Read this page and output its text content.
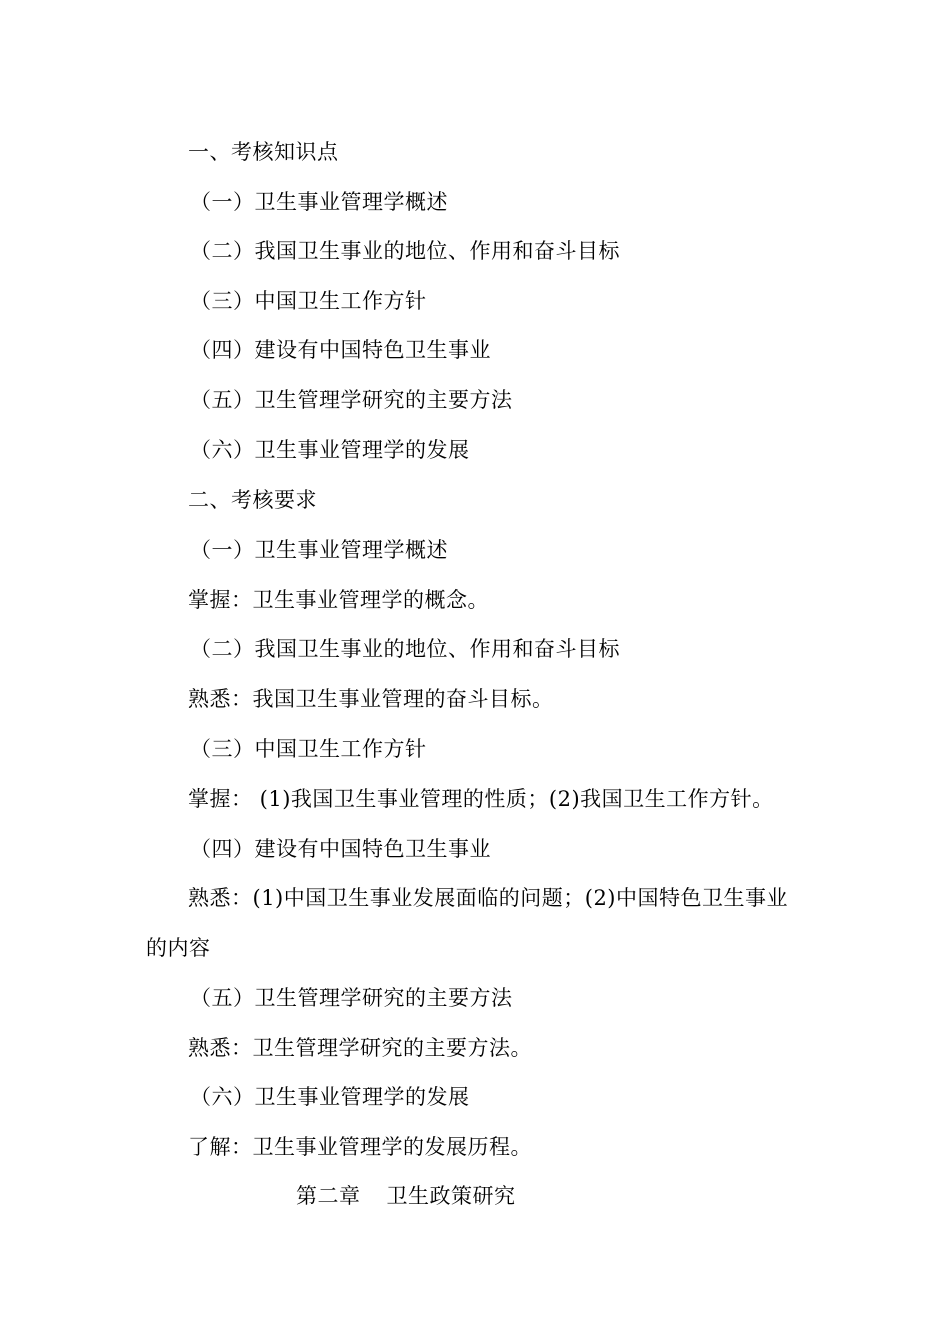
一、考核知识点
（一）卫生事业管理学概述
（二）我国卫生事业的地位、作用和奋斗目标
（三）中国卫生工作方针
（四）建设有中国特色卫生事业
（五）卫生管理学研究的主要方法
（六）卫生事业管理学的发展
二、考核要求
（一）卫生事业管理学概述
掌握：卫生事业管理学的概念。
（二）我国卫生事业的地位、作用和奋斗目标
熟悉：我国卫生事业管理的奋斗目标。
（三）中国卫生工作方针
掌握： (1)我国卫生事业管理的性质；(2)我国卫生工作方针。
（四）建设有中国特色卫生事业
熟悉：(1)中国卫生事业发展面临的问题；(2)中国特色卫生事业
的内容
（五）卫生管理学研究的主要方法
熟悉：卫生管理学研究的主要方法。
（六）卫生事业管理学的发展
了解：卫生事业管理学的发展历程。
第二章 卫生政策研究
